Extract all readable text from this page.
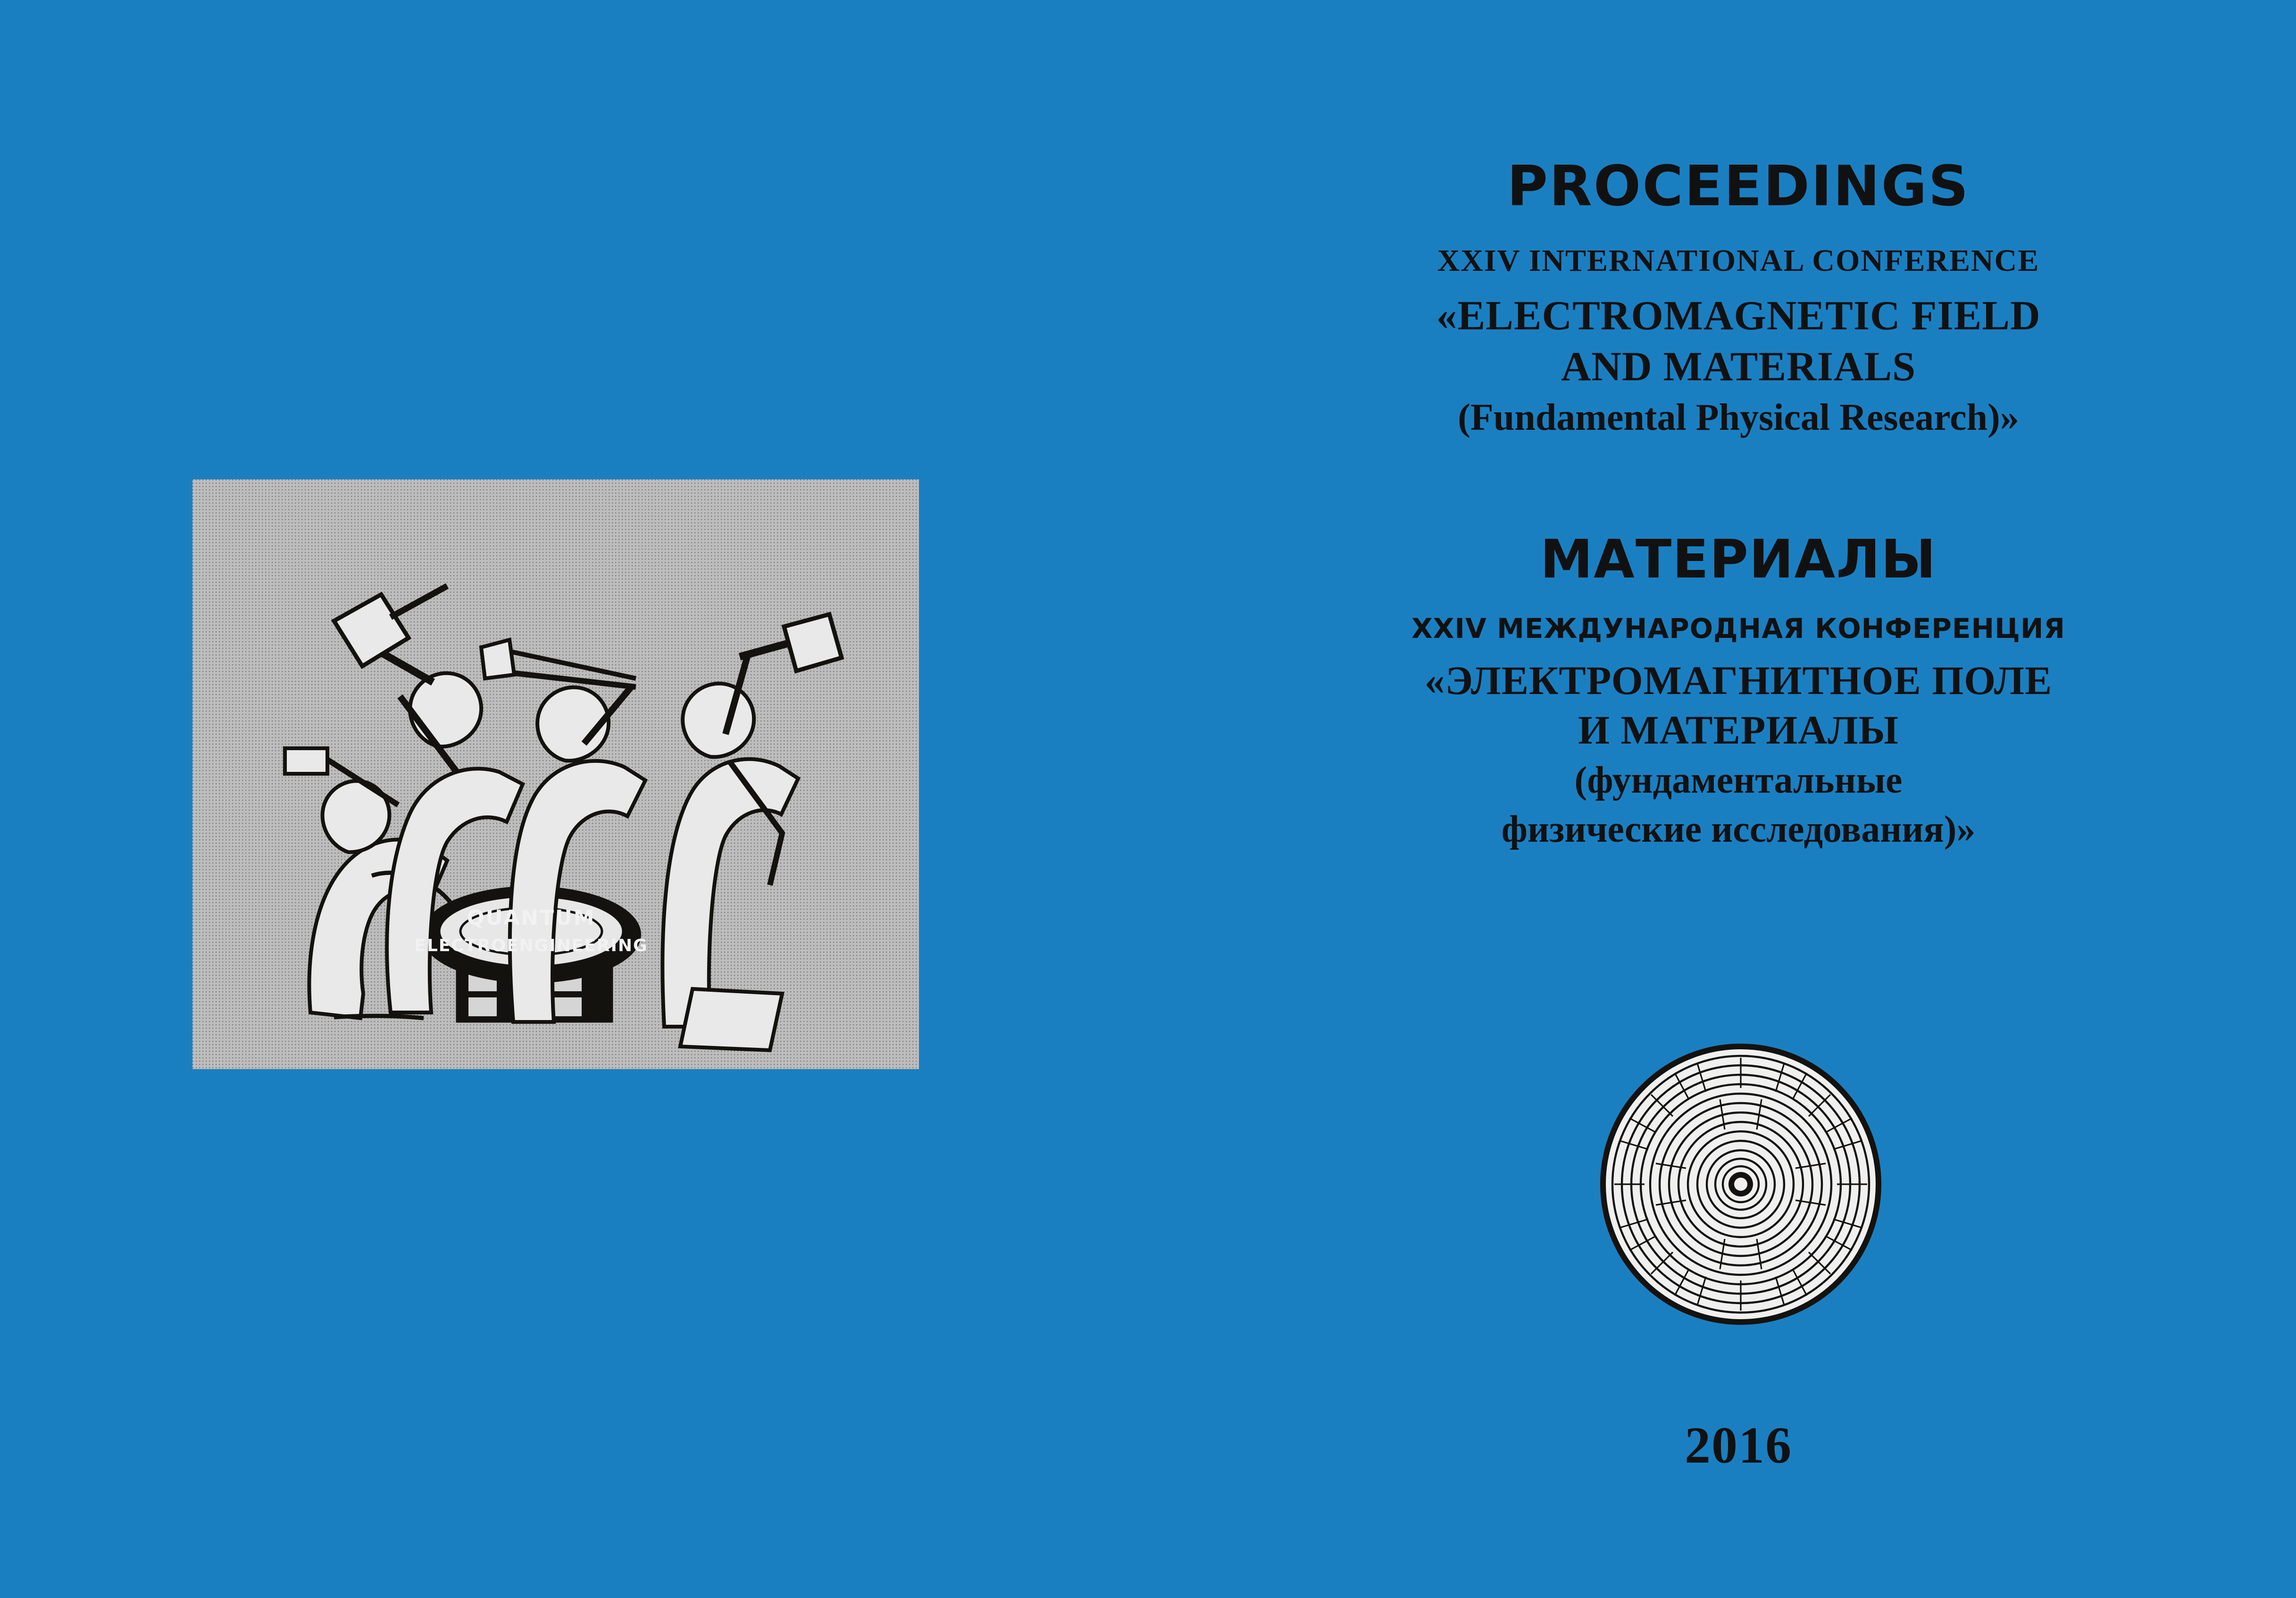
QUANTUM
ELECTROENGINEERING
PROCEEDINGS
XXIV INTERNATIONAL CONFERENCE
«ELECTROMAGNETIC FIELD
AND MATERIALS
(Fundamental Physical Research)»
МАТЕРИАЛЫ
XXIV МЕЖДУНАРОДНАЯ КОНФЕРЕНЦИЯ
«ЭЛЕКТРОМАГНИТНОЕ ПОЛЕ
И МАТЕРИАЛЫ
(фундаментальные
физические исследования)»
2016
